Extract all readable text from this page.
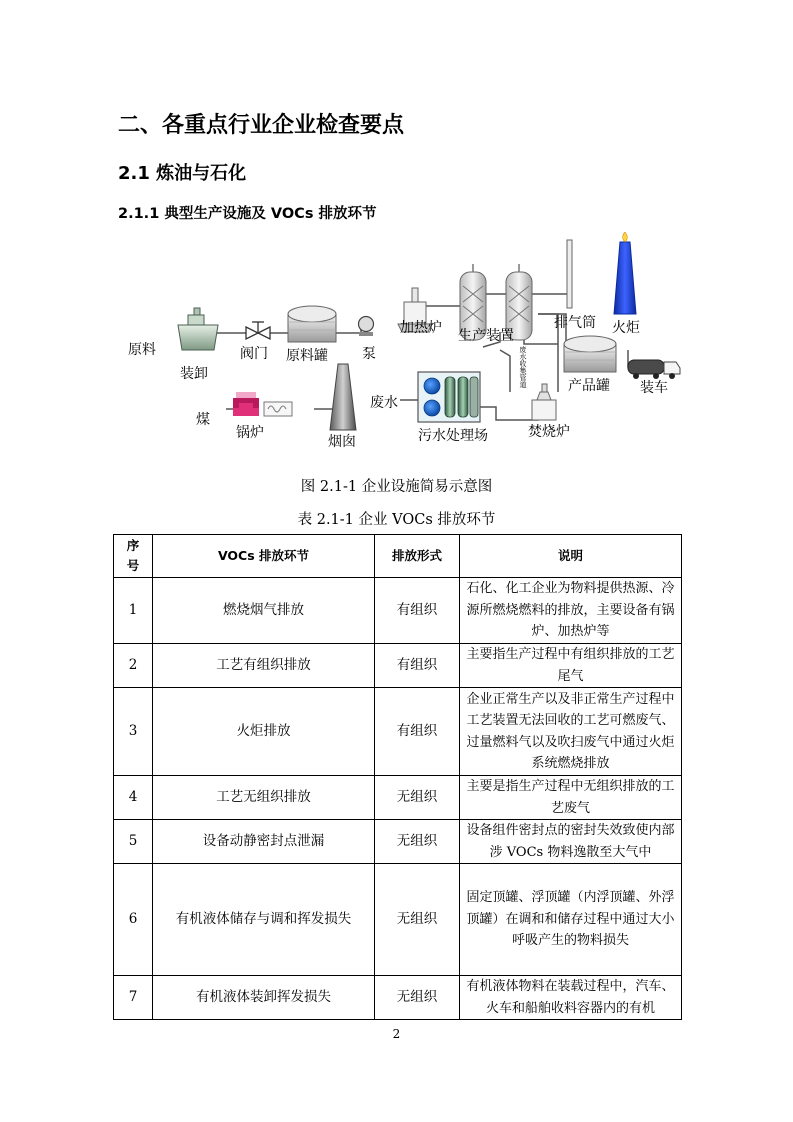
二、各重点行业企业检查要点
2.1 炼油与石化
2.1.1 典型生产设施及 VOCs 排放环节
原料
装卸
阀门 原料罐 泵
加热炉 生产装置
排气筒 火炬
产品罐 装车
煤
锅炉
烟囱
废水
污水处理场	焚烧炉
废水收集管道
图 2.1-1 企业设施简易示意图
表 2.1-1 企业 VOCs 排放环节
序号	VOCs 排放环节	排放形式	说明
1	燃烧烟气排放	有组织	石化、化工企业为物料提供热源、冷源所燃烧燃料的排放，主要设备有锅炉、加热炉等
2	工艺有组织排放	有组织	主要指生产过程中有组织排放的工艺尾气
3	火炬排放	有组织	企业正常生产以及非正常生产过程中工艺装置无法回收的工艺可燃废气、过量燃料气以及吹扫废气中通过火炬系统燃烧排放
4	工艺无组织排放	无组织	主要是指生产过程中无组织排放的工艺废气
5	设备动静密封点泄漏	无组织	设备组件密封点的密封失效致使内部涉 VOCs 物料逸散至大气中
6	有机液体储存与调和挥发损失	无组织	固定顶罐、浮顶罐（内浮顶罐、外浮顶罐）在调和和储存过程中通过大小呼吸产生的物料损失
7	有机液体装卸挥发损失	无组织	有机液体物料在装载过程中，汽车、火车和船舶收料容器内的有机
2
